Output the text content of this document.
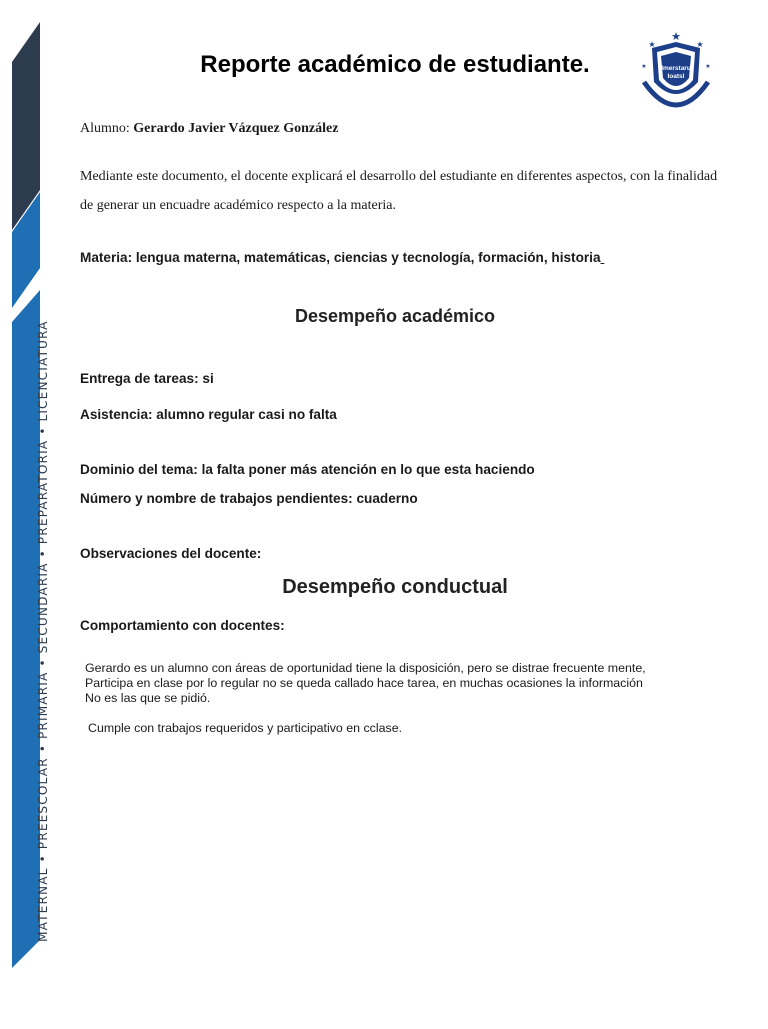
MATERNAL • PREESCOLAR • PRIMARIA • SECUNDARIA • PREPARATORIA • LICENCIATURA
Reporte académico de estudiante.	Imerstaru
Ioatsl
★
★	★
★	★

Alumno: Gerardo Javier Vázquez González

Mediante este documento, el docente explicará el desarrollo del estudiante en diferentes aspectos, con la finalidad
de generar un encuadre académico respecto a la materia.

Materia: lengua materna, matemáticas, ciencias y tecnología, formación, historia

Desempeño académico

Entrega de tareas: si

Asistencia: alumno regular casi no falta

Dominio del tema: la falta poner más atención en lo que esta haciendo

Número y nombre de trabajos pendientes: cuaderno

Observaciones del docente:

Desempeño conductual

Comportamiento con docentes:

Gerardo es un alumno con áreas de oportunidad tiene la disposición, pero se distrae frecuente mente,
Participa en clase por lo regular no se queda callado hace tarea, en muchas ocasiones la información
No es las que se pidió.

Cumple con trabajos requeridos y participativo en cclase.
